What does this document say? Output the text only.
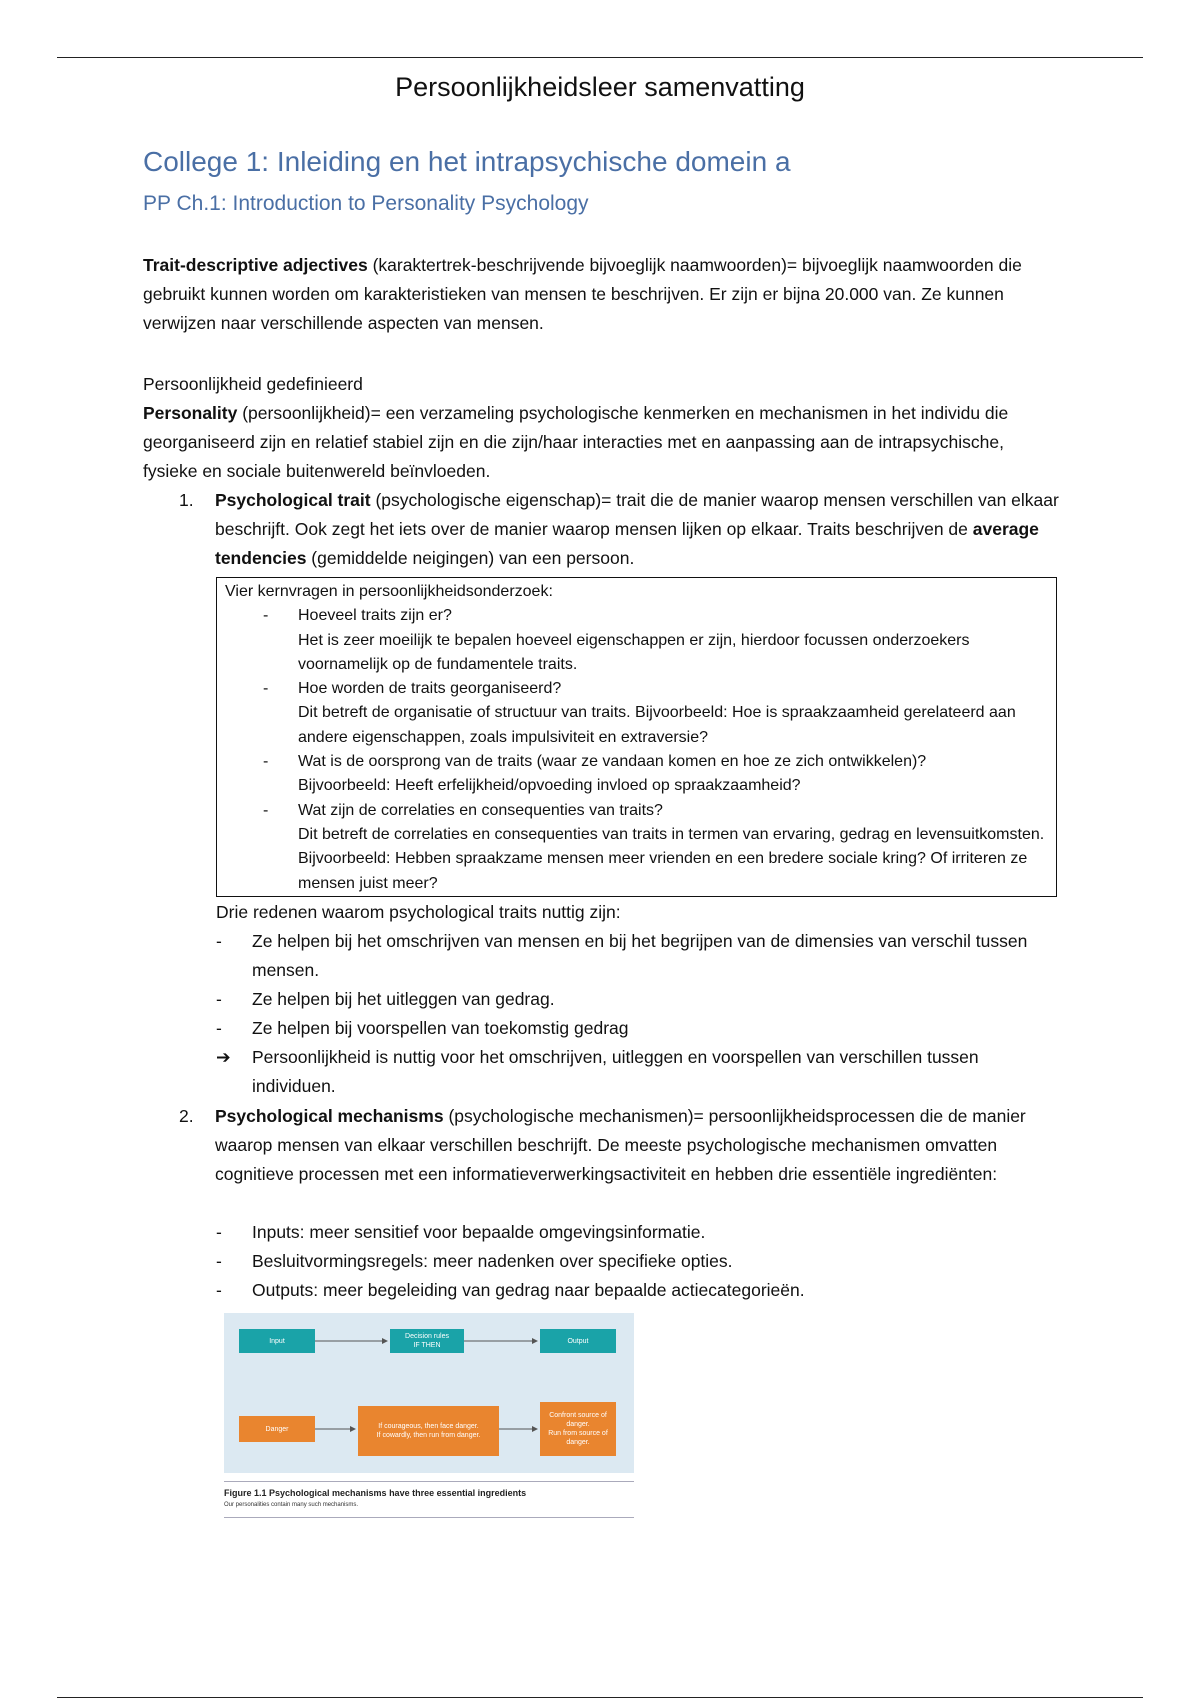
Persoonlijkheidsleer samenvatting
College 1: Inleiding en het intrapsychische domein a
PP Ch.1: Introduction to Personality Psychology
Trait-descriptive adjectives (karaktertrek-beschrijvende bijvoeglijk naamwoorden)= bijvoeglijk naamwoorden die gebruikt kunnen worden om karakteristieken van mensen te beschrijven. Er zijn er bijna 20.000 van. Ze kunnen verwijzen naar verschillende aspecten van mensen.
Persoonlijkheid gedefinieerd
Personality (persoonlijkheid)= een verzameling psychologische kenmerken en mechanismen in het individu die georganiseerd zijn en relatief stabiel zijn en die zijn/haar interacties met en aanpassing aan de intrapsychische, fysieke en sociale buitenwereld beïnvloeden.
1. Psychological trait (psychologische eigenschap)= trait die de manier waarop mensen verschillen van elkaar beschrijft. Ook zegt het iets over de manier waarop mensen lijken op elkaar. Traits beschrijven de average tendencies (gemiddelde neigingen) van een persoon.
Vier kernvragen in persoonlijkheidsonderzoek:
- Hoeveel traits zijn er?
Het is zeer moeilijk te bepalen hoeveel eigenschappen er zijn, hierdoor focussen onderzoekers voornamelijk op de fundamentele traits.
- Hoe worden de traits georganiseerd?
Dit betreft de organisatie of structuur van traits. Bijvoorbeeld: Hoe is spraakzaamheid gerelateerd aan andere eigenschappen, zoals impulsiviteit en extraversie?
- Wat is de oorsprong van de traits (waar ze vandaan komen en hoe ze zich ontwikkelen)?
Bijvoorbeeld: Heeft erfelijkheid/opvoeding invloed op spraakzaamheid?
- Wat zijn de correlaties en consequenties van traits?
Dit betreft de correlaties en consequenties van traits in termen van ervaring, gedrag en levensuitkomsten. Bijvoorbeeld: Hebben spraakzame mensen meer vrienden en een bredere sociale kring? Of irriteren ze mensen juist meer?
Drie redenen waarom psychological traits nuttig zijn:
- Ze helpen bij het omschrijven van mensen en bij het begrijpen van de dimensies van verschil tussen mensen.
- Ze helpen bij het uitleggen van gedrag.
- Ze helpen bij voorspellen van toekomstig gedrag
➔ Persoonlijkheid is nuttig voor het omschrijven, uitleggen en voorspellen van verschillen tussen individuen.
2. Psychological mechanisms (psychologische mechanismen)= persoonlijkheidsprocessen die de manier waarop mensen van elkaar verschillen beschrijft. De meeste psychologische mechanismen omvatten cognitieve processen met een informatieverwerkingsactiviteit en hebben drie essentiële ingrediënten:
- Inputs: meer sensitief voor bepaalde omgevingsinformatie.
- Besluitvormingsregels: meer nadenken over specifieke opties.
- Outputs: meer begeleiding van gedrag naar bepaalde actiecategorieën.
Input
Decision rules
IF THEN
Output
Danger	If courageous, then face danger.
If cowardly, then run from danger.
Confront source of danger.
Run from source of danger.
Figure 1.1 Psychological mechanisms have three essential ingredients
Our personalities contain many such mechanisms.
